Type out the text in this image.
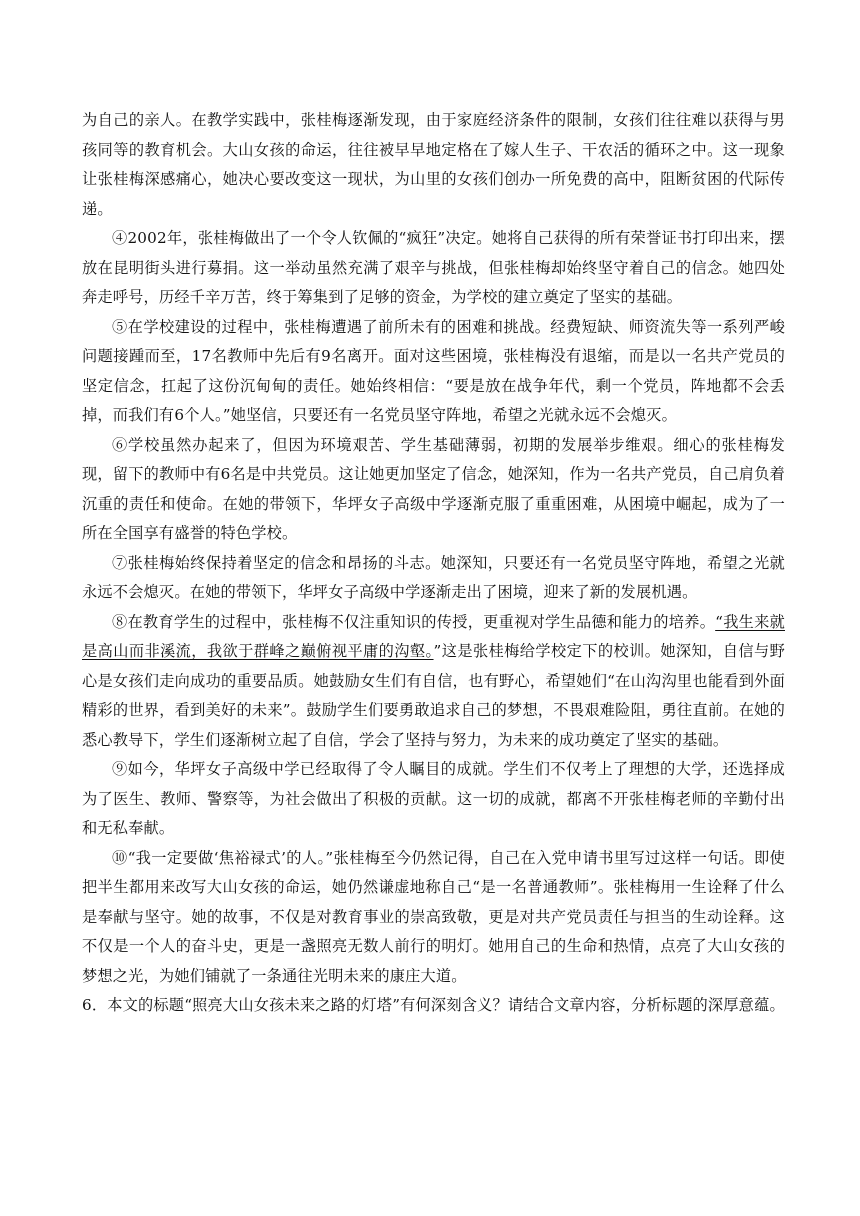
为自己的亲人。在教学实践中，张桂梅逐渐发现，由于家庭经济条件的限制，女孩们往往难以获得与男孩同等的教育机会。大山女孩的命运，往往被早早地定格在了嫁人生子、干农活的循环之中。这一现象让张桂梅深感痛心，她决心要改变这一现状，为山里的女孩们创办一所免费的高中，阻断贫困的代际传递。

④2002年，张桂梅做出了一个令人钦佩的“疯狂”决定。她将自己获得的所有荣誉证书打印出来，摆放在昆明街头进行募捐。这一举动虽然充满了艰辛与挑战，但张桂梅却始终坚守着自己的信念。她四处奔走呼号，历经千辛万苦，终于筹集到了足够的资金，为学校的建立奠定了坚实的基础。

⑤在学校建设的过程中，张桂梅遭遇了前所未有的困难和挑战。经费短缺、师资流失等一系列严峻问题接踵而至，17名教师中先后有9名离开。面对这些困境，张桂梅没有退缩，而是以一名共产党员的坚定信念，扛起了这份沉甸甸的责任。她始终相信：“要是放在战争年代，剩一个党员，阵地都不会丢掉，而我们有6个人。”她坚信，只要还有一名党员坚守阵地，希望之光就永远不会熄灭。

⑥学校虽然办起来了，但因为环境艰苦、学生基础薄弱，初期的发展举步维艰。细心的张桂梅发现，留下的教师中有6名是中共党员。这让她更加坚定了信念，她深知，作为一名共产党员，自己肩负着沉重的责任和使命。在她的带领下，华坪女子高级中学逐渐克服了重重困难，从困境中崛起，成为了一所在全国享有盛誉的特色学校。

⑦张桂梅始终保持着坚定的信念和昂扬的斗志。她深知，只要还有一名党员坚守阵地，希望之光就永远不会熄灭。在她的带领下，华坪女子高级中学逐渐走出了困境，迎来了新的发展机遇。

⑧在教育学生的过程中，张桂梅不仅注重知识的传授，更重视对学生品德和能力的培养。“我生来就是高山而非溪流，我欲于群峰之巅俯视平庸的沟壑。”这是张桂梅给学校定下的校训。她深知，自信与野心是女孩们走向成功的重要品质。她鼓励女生们有自信，也有野心，希望她们“在山沟沟里也能看到外面精彩的世界，看到美好的未来”。鼓励学生们要勇敢追求自己的梦想，不畏艰难险阻，勇往直前。在她的悉心教导下，学生们逐渐树立起了自信，学会了坚持与努力，为未来的成功奠定了坚实的基础。

⑨如今，华坪女子高级中学已经取得了令人瞩目的成就。学生们不仅考上了理想的大学，还选择成为了医生、教师、警察等，为社会做出了积极的贡献。这一切的成就，都离不开张桂梅老师的辛勤付出和无私奉献。

⑩“我一定要做‘焦裕禄式’的人。”张桂梅至今仍然记得，自己在入党申请书里写过这样一句话。即使把半生都用来改写大山女孩的命运，她仍然谦虚地称自己“是一名普通教师”。张桂梅用一生诠释了什么是奉献与坚守。她的故事，不仅是对教育事业的崇高致敬，更是对共产党员责任与担当的生动诠释。这不仅是一个人的奋斗史，更是一盏照亮无数人前行的明灯。她用自己的生命和热情，点亮了大山女孩的梦想之光，为她们铺就了一条通往光明未来的康庄大道。

6．本文的标题“照亮大山女孩未来之路的灯塔”有何深刻含义？请结合文章内容，分析标题的深厚意蕴。
